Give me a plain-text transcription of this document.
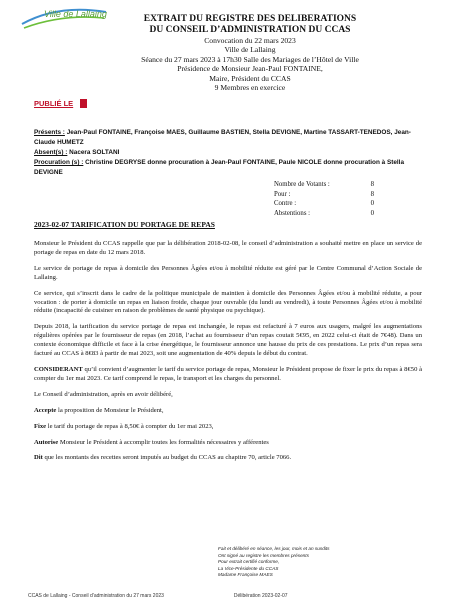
Ville de Lallaing	EXTRAIT DU REGISTRE DES DELIBERATIONS
DU CONSEIL D’ADMINISTRATION DU CCAS
Convocation du 22 mars 2023
Ville de Lallaing
Séance du 27 mars 2023 à 17h30 Salle des Mariages de l’Hôtel de Ville
Présidence de Monsieur Jean-Paul FONTAINE,
Maire, Président du CCAS
9 Membres en exercice
PUBLIÉ LE
Présents : Jean-Paul FONTAINE, Françoise MAES, Guillaume BASTIEN, Stella DEVIGNE, Martine TASSART-TENEDOS, Jean-Claude HUMETZ
Absent(s) : Nacera SOLTANI
Procuration (s) : Christine DEGRYSE donne procuration à Jean-Paul FONTAINE, Paule NICOLE donne procuration à Stella DEVIGNE
Nombre de Votants :	8
Pour :	8
Contre :	0
Abstentions :	0
2023-02-07 TARIFICATION DU PORTAGE DE REPAS

Monsieur le Président du CCAS rappelle que par la délibération 2018-02-08, le conseil d’administration a souhaité mettre en place un service de portage de repas en date du 12 mars 2018.

Le service de portage de repas à domicile des Personnes Âgées et/ou à mobilité réduite est géré par le Centre Communal d’Action Sociale de Lallaing.

Ce service, qui s’inscrit dans le cadre de la politique municipale de maintien à domicile des Personnes Âgées et/ou à mobilité réduite, a pour vocation : de porter à domicile un repas en liaison froide, chaque jour ouvrable (du lundi au vendredi), à toute Personnes Âgées et/ou à mobilité réduite (incapacité de cuisiner en raison de problèmes de santé physique ou psychique).

Depuis 2018, la tarification du service portage de repas est inchangée, le repas est refacturé à 7 euros aux usagers, malgré les augmentations régulières opérées par le fournisseur de repas (en 2018, l’achat au fournisseur d’un repas coutait 5€95, en 2022 celui-ci était de 7€48). Dans un contexte économique difficile et face à la crise énergétique, le fournisseur annonce une hausse du prix de ces prestations. Le prix d’un repas sera facturé au CCAS à 8€83 à partir de mai 2023, soit une augmentation de 40% depuis le début du contrat.

CONSIDERANT qu’il convient d’augmenter le tarif du service portage de repas, Monsieur le Président propose de fixer le prix du repas à 8€50 à compter du 1er mai 2023. Ce tarif comprend le repas, le transport et les charges du personnel.

Le Conseil d’administration, après en avoir délibéré,

Accepte la proposition de Monsieur le Président,

Fixe le tarif du portage de repas à 8,50€ à compter du 1er mai 2023,

Autorise Monsieur le Président à accomplir toutes les formalités nécessaires y afférentes

Dit que les montants des recettes seront imputés au budget du CCAS au chapitre 70, article 7066.

Fait et délibéré en séance, les jour, mois et an susdits
Ont signé au registre les membres présents
Pour extrait certifié conforme,
La Vice-Présidente du CCAS
Madame Françoise MAES
CCAS de Lallaing - Conseil d’administration du 27 mars 2023	Délibération 2023-02-07
